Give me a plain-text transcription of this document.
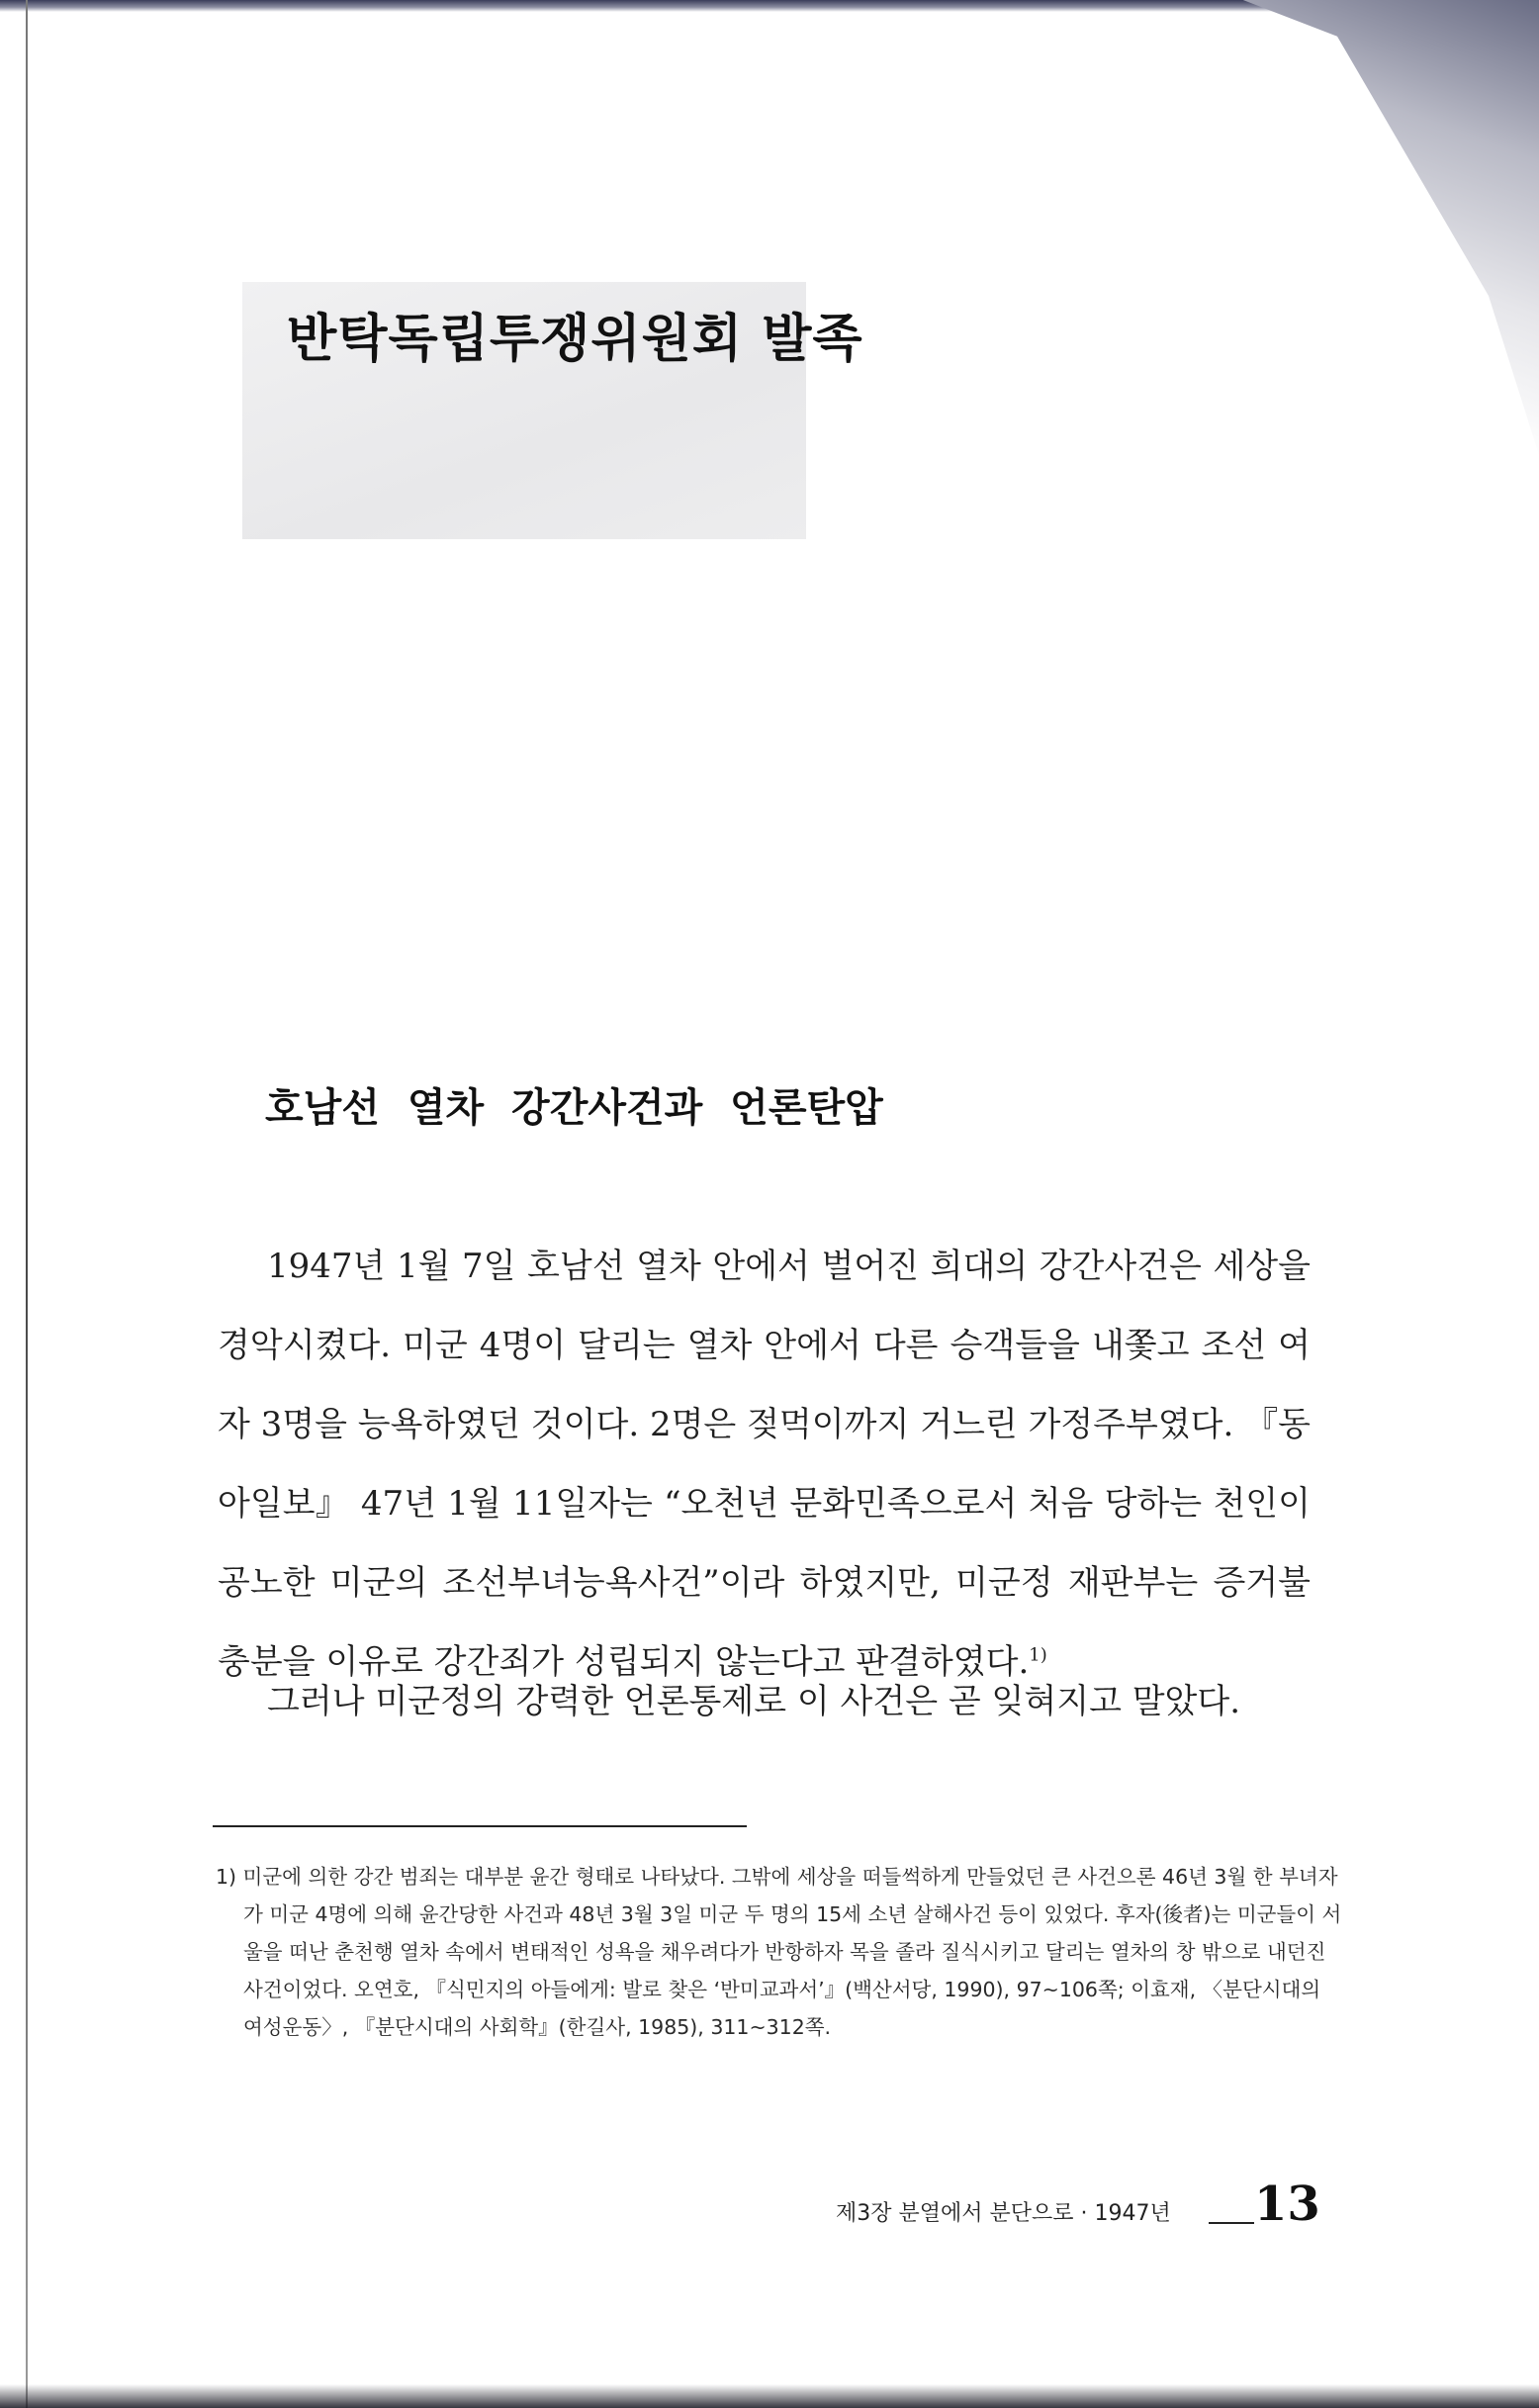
반탁독립투쟁위원회 발족
호남선 열차 강간사건과 언론탄압

1947년 1월 7일 호남선 열차 안에서 벌어진 희대의 강간사건은 세상을 경악시켰다. 미군 4명이 달리는 열차 안에서 다른 승객들을 내쫓고 조선 여자 3명을 능욕하였던 것이다. 2명은 젖먹이까지 거느린 가정주부였다. 『동아일보』 47년 1월 11일자는 “오천년 문화민족으로서 처음 당하는 천인이 공노한 미군의 조선부녀능욕사건”이라 하였지만, 미군정 재판부는 증거불충분을 이유로 강간죄가 성립되지 않는다고 판결하였다.$^{1)}$

그러나 미군정의 강력한 언론통제로 이 사건은 곧 잊혀지고 말았다.

1) 미군에 의한 강간 범죄는 대부분 윤간 형태로 나타났다. 그밖에 세상을 떠들썩하게 만들었던 큰 사건으론 46년 3월 한 부녀자가 미군 4명에 의해 윤간당한 사건과 48년 3월 3일 미군 두 명의 15세 소년 살해사건 등이 있었다. 후자(後者)는 미군들이 서울을 떠난 춘천행 열차 속에서 변태적인 성욕을 채우려다가 반항하자 목을 졸라 질식시키고 달리는 열차의 창 밖으로 내던진 사건이었다. 오연호, 『식민지의 아들에게: 발로 찾은 ‘반미교과서’』(백산서당, 1990), 97~106쪽; 이효재, 〈분단시대의 여성운동〉, 『분단시대의 사회학』(한길사, 1985), 311~312쪽.

제3장 분열에서 분단으로 · 1947년 13
